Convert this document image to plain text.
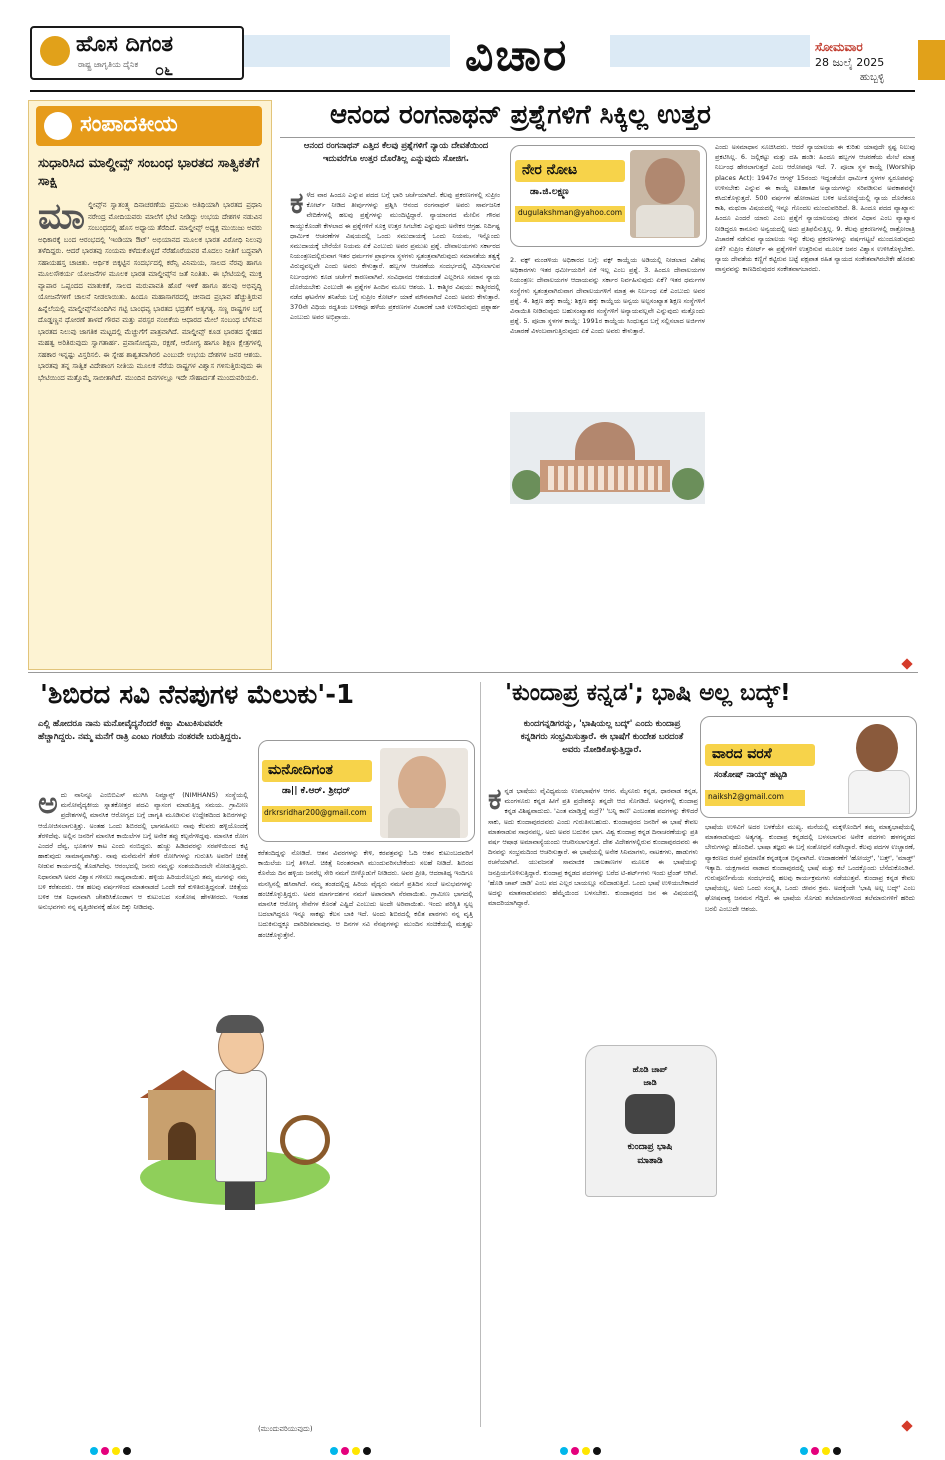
ಹೊಸ ದಿಗಂತ
ರಾಷ್ಟ್ರ ಜಾಗೃತಿಯ ದೈನಿಕ ೦೬	ವಿಚಾರ	ಸೋಮವಾರ
28 ಜುಲೈ 2025
ಹುಬ್ಬಳ್ಳಿ
ಸಂಪಾದಕೀಯ
ಸುಧಾರಿಸಿದ ಮಾಲ್ಡೀವ್ಸ್ ಸಂಬಂಧ ಭಾರತದ ಸಾತ್ವಿಕತೆಗೆ ಸಾಕ್ಷಿ
ಮಾಲ್ಡೀವ್ಸ್‌ನ ಸ್ವಾತಂತ್ರ್ಯ ದಿನಾಚರಣೆಯ ಪ್ರಮುಖ ಅತಿಥಿಯಾಗಿ ಭಾರತದ ಪ್ರಧಾನಿ ನರೇಂದ್ರ ಮೋದಿಯವರು ಮಾಲೆಗೆ ಭೇಟಿ ನೀಡಿದ್ದು ಉಭಯ ದೇಶಗಳ ನಡುವಿನ ಸಂಬಂಧದಲ್ಲಿ ಹೊಸ ಅಧ್ಯಾಯ ತೆರೆದಿದೆ. ಮಾಲ್ಡೀವ್ಸ್ ಅಧ್ಯಕ್ಷ ಮುಯಿಜು ಅವರು ಅಧಿಕಾರಕ್ಕೆ ಬಂದ ಆರಂಭದಲ್ಲಿ 'ಇಂಡಿಯಾ ಔಟ್' ಅಭಿಯಾನದ ಮೂಲಕ ಭಾರತ ವಿರೋಧಿ ನಿಲುವು ತಳೆದಿದ್ದರು. ಆದರೆ ಭಾರತವು ಸಂಯಮ ಕಳೆದುಕೊಳ್ಳದೆ ನೆರೆಹೊರೆಯವರ ಮೊದಲು ನೀತಿಗೆ ಬದ್ಧವಾಗಿ ಸಹಾಯಹಸ್ತ ಚಾಚಿತು. ಆರ್ಥಿಕ ಬಿಕ್ಕಟ್ಟಿನ ಸಂದರ್ಭದಲ್ಲಿ ಕರೆನ್ಸಿ ವಿನಿಮಯ, ಸಾಲದ ನೆರವು ಹಾಗೂ ಮೂಲಸೌಕರ್ಯ ಯೋಜನೆಗಳ ಮೂಲಕ ಭಾರತ ಮಾಲ್ಡೀವ್ಸ್‌ನ ಜತೆ ನಿಂತಿತು. ಈ ಭೇಟಿಯಲ್ಲಿ ಮುಕ್ತ ವ್ಯಾಪಾರ ಒಪ್ಪಂದದ ಮಾತುಕತೆ, ಸಾಲದ ಮರುಪಾವತಿ ಹೊರೆ ಇಳಿಕೆ ಹಾಗೂ ಹಲವು ಅಭಿವೃದ್ಧಿ ಯೋಜನೆಗಳಿಗೆ ಚಾಲನೆ ನೀಡಲಾಯಿತು. ಹಿಂದೂ ಮಹಾಸಾಗರದಲ್ಲಿ ಚೀನಾದ ಪ್ರಭಾವ ಹೆಚ್ಚುತ್ತಿರುವ ಹಿನ್ನೆಲೆಯಲ್ಲಿ ಮಾಲ್ಡೀವ್ಸ್‌ನೊಂದಿಗಿನ ಗಟ್ಟಿ ಬಾಂಧವ್ಯ ಭಾರತದ ಭದ್ರತೆಗೆ ಅತ್ಯಗತ್ಯ. ಸಣ್ಣ ರಾಷ್ಟ್ರಗಳ ಬಗ್ಗೆ ದೊಡ್ಡಣ್ಣನ ಧೋರಣೆ ತಾಳದೆ ಗೌರವ ಮತ್ತು ಪರಸ್ಪರ ನಂಬಿಕೆಯ ಆಧಾರದ ಮೇಲೆ ಸಂಬಂಧ ಬೆಳೆಸುವ ಭಾರತದ ನಿಲುವು ಜಾಗತಿಕ ಮಟ್ಟದಲ್ಲಿ ಮೆಚ್ಚುಗೆಗೆ ಪಾತ್ರವಾಗಿದೆ. ಮಾಲ್ಡೀವ್ಸ್ ಕೂಡ ಭಾರತದ ಸ್ನೇಹದ ಮಹತ್ವ ಅರಿತಿರುವುದು ಸ್ವಾಗತಾರ್ಹ. ಪ್ರವಾಸೋದ್ಯಮ, ರಕ್ಷಣೆ, ಆರೋಗ್ಯ ಹಾಗೂ ಶಿಕ್ಷಣ ಕ್ಷೇತ್ರಗಳಲ್ಲಿ ಸಹಕಾರ ಇನ್ನಷ್ಟು ವಿಸ್ತರಿಸಲಿ. ಈ ಸ್ನೇಹ ಶಾಶ್ವತವಾಗಿರಲಿ ಎಂಬುದೇ ಉಭಯ ದೇಶಗಳ ಜನರ ಆಶಯ. ಭಾರತವು ತನ್ನ ಸಾತ್ವಿಕ ವಿದೇಶಾಂಗ ನೀತಿಯ ಮೂಲಕ ನೆರೆಯ ರಾಷ್ಟ್ರಗಳ ವಿಶ್ವಾಸ ಗಳಿಸುತ್ತಿರುವುದು ಈ ಭೇಟಿಯಿಂದ ಮತ್ತೊಮ್ಮೆ ಸಾಬೀತಾಗಿದೆ. ಮುಂದಿನ ದಿನಗಳಲ್ಲೂ ಇದೇ ಸೌಹಾರ್ದತೆ ಮುಂದುವರಿಯಲಿ.
ಆನಂದ ರಂಗನಾಥನ್ ಪ್ರಶ್ನೆಗಳಿಗೆ ಸಿಕ್ಕಿಲ್ಲ ಉತ್ತರ
ಆನಂದ ರಂಗನಾಥನ್ ಎತ್ತಿದ ಕೆಲವು ಪ್ರಶ್ನೆಗಳಿಗೆ ನ್ಯಾಯ ದೇವತೆಯಿಂದ ಇದುವರೆಗೂ ಉತ್ತರ ದೊರೆತಿಲ್ಲ ಎನ್ನುವುದು ಸೋಜಿಗ.
ಕಳೆದ ವಾರ ಹಿಂದೂ ಎನ್ನುವ ಪದದ ಬಗ್ಗೆ ಭಾರಿ ಚರ್ಚೆಯಾಗಿದೆ. ಕೆಲವು ಪ್ರಕರಣಗಳಲ್ಲಿ ಸುಪ್ರೀಂ ಕೋರ್ಟ್ ನೀಡಿದ ತೀರ್ಪುಗಳನ್ನು ಪ್ರಶ್ನಿಸಿ ಆನಂದ ರಂಗನಾಥನ್ ಅವರು ಸಾರ್ವಜನಿಕ ವೇದಿಕೆಗಳಲ್ಲಿ ಹಲವು ಪ್ರಶ್ನೆಗಳನ್ನು ಮುಂದಿಟ್ಟಿದ್ದಾರೆ. ನ್ಯಾಯಾಂಗದ ಮೇಲಿನ ಗೌರವ ಕಾಯ್ದುಕೊಂಡೇ ಕೇಳಲಾದ ಈ ಪ್ರಶ್ನೆಗಳಿಗೆ ಸೂಕ್ತ ಉತ್ತರ ಸಿಗಬೇಕು ಎನ್ನುವುದು ಅನೇಕರ ಆಗ್ರಹ. ನಿರ್ದಿಷ್ಟ ಧಾರ್ಮಿಕ ಆಚರಣೆಗಳ ವಿಷಯದಲ್ಲಿ ಒಂದು ಸಮುದಾಯಕ್ಕೆ ಒಂದು ನಿಯಮ, ಇನ್ನೊಂದು ಸಮುದಾಯಕ್ಕೆ ಬೇರೆಯೇ ನಿಯಮ ಏಕೆ ಎಂಬುದು ಅವರ ಪ್ರಮುಖ ಪ್ರಶ್ನೆ. ದೇವಾಲಯಗಳು ಸರ್ಕಾರದ ನಿಯಂತ್ರಣದಲ್ಲಿರುವಾಗ ಇತರ ಧರ್ಮಗಳ ಪ್ರಾರ್ಥನಾ ಸ್ಥಳಗಳು ಸ್ವತಂತ್ರವಾಗಿರುವುದು ಸಮಾನತೆಯ ತತ್ವಕ್ಕೆ ವಿರುದ್ಧವಲ್ಲವೇ ಎಂದು ಅವರು ಕೇಳುತ್ತಾರೆ. ಹಬ್ಬಗಳ ಆಚರಣೆಯ ಸಂದರ್ಭದಲ್ಲಿ ವಿಧಿಸಲಾಗುವ ನಿರ್ಬಂಧಗಳು ಕೂಡ ಚರ್ಚೆಗೆ ಕಾರಣವಾಗಿವೆ. ಸಂವಿಧಾನದ ಆಶಯದಂತೆ ಎಲ್ಲರಿಗೂ ಸಮಾನ ನ್ಯಾಯ ದೊರೆಯಬೇಕು ಎಂಬುದೇ ಈ ಪ್ರಶ್ನೆಗಳ ಹಿಂದಿನ ಮೂಲ ಆಶಯ. 1. ಕಾಶ್ಮೀರ ವಿಷಯ: ಕಾಶ್ಮೀರದಲ್ಲಿ ನಡೆದ ಘಟನೆಗಳ ತನಿಖೆಯ ಬಗ್ಗೆ ಸುಪ್ರೀಂ ಕೋರ್ಟ್ ಯಾಕೆ ಮೌನವಾಗಿದೆ ಎಂದು ಅವರು ಕೇಳುತ್ತಾರೆ. 370ನೇ ವಿಧಿಯ ರದ್ದತಿಯ ಬಳಿಕವೂ ಹಳೆಯ ಪ್ರಕರಣಗಳ ವಿಚಾರಣೆ ಬಾಕಿ ಉಳಿದಿರುವುದು ಪ್ರಶ್ನಾರ್ಹ ಎಂಬುದು ಅವರ ಅಭಿಪ್ರಾಯ.
ನೇರ ನೋಟ
ಡಾ.ಜಿ.ಲಕ್ಷ್ಮಣ
dugulakshman@yahoo.com
2. ವಕ್ಫ್ ಮಂಡಳಿಯ ಅಧಿಕಾರದ ಬಗ್ಗೆ: ವಕ್ಫ್ ಕಾಯ್ದೆಯ ಅಡಿಯಲ್ಲಿ ನೀಡಲಾದ ವಿಶೇಷ ಅಧಿಕಾರಗಳು ಇತರ ಧರ್ಮೀಯರಿಗೆ ಏಕೆ ಇಲ್ಲ ಎಂಬ ಪ್ರಶ್ನೆ. 3. ಹಿಂದೂ ದೇವಾಲಯಗಳ ನಿಯಂತ್ರಣ: ದೇವಾಲಯಗಳ ಆದಾಯವನ್ನು ಸರ್ಕಾರ ನಿರ್ವಹಿಸುವುದು ಏಕೆ? ಇತರ ಧರ್ಮಗಳ ಸಂಸ್ಥೆಗಳು ಸ್ವತಂತ್ರವಾಗಿರುವಾಗ ದೇವಾಲಯಗಳಿಗೆ ಮಾತ್ರ ಈ ನಿರ್ಬಂಧ ಏಕೆ ಎಂಬುದು ಅವರ ಪ್ರಶ್ನೆ. 4. ಶಿಕ್ಷಣ ಹಕ್ಕು ಕಾಯ್ದೆ: ಶಿಕ್ಷಣ ಹಕ್ಕು ಕಾಯ್ದೆಯ ಅನ್ವಯ ಅಲ್ಪಸಂಖ್ಯಾತ ಶಿಕ್ಷಣ ಸಂಸ್ಥೆಗಳಿಗೆ ವಿನಾಯಿತಿ ನೀಡಿರುವುದು ಬಹುಸಂಖ್ಯಾತರ ಸಂಸ್ಥೆಗಳಿಗೆ ಅನ್ಯಾಯವಲ್ಲವೇ ಎನ್ನುವುದು ಮತ್ತೊಂದು ಪ್ರಶ್ನೆ. 5. ಪೂಜಾ ಸ್ಥಳಗಳ ಕಾಯ್ದೆ: 1991ರ ಕಾಯ್ದೆಯ ಸಿಂಧುತ್ವದ ಬಗ್ಗೆ ಸಲ್ಲಿಸಲಾದ ಅರ್ಜಿಗಳ ವಿಚಾರಣೆ ವಿಳಂಬವಾಗುತ್ತಿರುವುದು ಏಕೆ ಎಂದು ಅವರು ಕೇಳುತ್ತಾರೆ.
ಎಂದು ಅಸಮಾಧಾನ ಸೂಚಿಸಿದರು. ಆದರೆ ನ್ಯಾಯಾಲಯ ಈ ಕುರಿತು ಯಾವುದೇ ಸ್ಪಷ್ಟ ನಿಲುವು ಪ್ರಕಟಿಸಿಲ್ಲ. 6. ಜಲ್ಲಿಕಟ್ಟು ಮತ್ತು ದಹಿ ಹಂಡಿ: ಹಿಂದೂ ಹಬ್ಬಗಳ ಆಚರಣೆಯ ಮೇಲೆ ಮಾತ್ರ ನಿರ್ಬಂಧ ಹೇರಲಾಗುತ್ತದೆ ಎಂಬ ಆರೋಪವೂ ಇದೆ. 7. ಪೂಜಾ ಸ್ಥಳ ಕಾಯ್ದೆ (Worship places Act): 1947ರ ಆಗಸ್ಟ್ 15ರಂದು ಇದ್ದಂತೆಯೇ ಧಾರ್ಮಿಕ ಸ್ಥಳಗಳ ಸ್ವರೂಪವನ್ನು ಉಳಿಸಬೇಕು ಎನ್ನುವ ಈ ಕಾಯ್ದೆ ಐತಿಹಾಸಿಕ ಅನ್ಯಾಯಗಳನ್ನು ಸರಿಪಡಿಸುವ ಅವಕಾಶವನ್ನೇ ಕಸಿದುಕೊಳ್ಳುತ್ತದೆ. 500 ವರ್ಷಗಳ ಹೋರಾಟದ ಬಳಿಕ ಅಯೋಧ್ಯೆಯಲ್ಲಿ ನ್ಯಾಯ ದೊರೆತರೂ ಕಾಶಿ, ಮಥುರಾ ವಿಷಯದಲ್ಲಿ ಇನ್ನೂ ಗೊಂದಲ ಮುಂದುವರಿದಿದೆ. 8. ಹಿಂದೂ ಪದದ ವ್ಯಾಖ್ಯಾನ: ಹಿಂದೂ ಎಂದರೆ ಯಾರು ಎಂಬ ಪ್ರಶ್ನೆಗೆ ನ್ಯಾಯಾಲಯವು ಜೀವನ ವಿಧಾನ ಎಂಬ ವ್ಯಾಖ್ಯಾನ ನೀಡಿದ್ದರೂ ಕಾನೂನು ಅನ್ವಯದಲ್ಲಿ ಅದು ಪ್ರತಿಫಲಿಸುತ್ತಿಲ್ಲ. 9. ಕೆಲವು ಪ್ರಕರಣಗಳಲ್ಲಿ ರಾತ್ರೋರಾತ್ರಿ ವಿಚಾರಣೆ ನಡೆಸುವ ನ್ಯಾಯಾಲಯ ಇನ್ನು ಕೆಲವು ಪ್ರಕರಣಗಳನ್ನು ವರ್ಷಗಟ್ಟಲೆ ಮುಂದೂಡುವುದು ಏಕೆ? ಸುಪ್ರೀಂ ಕೋರ್ಟ್ ಈ ಪ್ರಶ್ನೆಗಳಿಗೆ ಉತ್ತರಿಸುವ ಮೂಲಕ ಜನರ ವಿಶ್ವಾಸ ಉಳಿಸಿಕೊಳ್ಳಬೇಕು. ನ್ಯಾಯ ದೇವತೆಯ ಕಣ್ಣಿಗೆ ಕಟ್ಟಿರುವ ಬಟ್ಟೆ ಪಕ್ಷಪಾತ ರಹಿತ ನ್ಯಾಯದ ಸಂಕೇತವಾಗಿರಬೇಕೇ ಹೊರತು ವಾಸ್ತವವನ್ನು ಕಾಣದಿರುವುದರ ಸಂಕೇತವಾಗಬಾರದು.
'ಶಿಬಿರದ ಸವಿ ನೆನಪುಗಳ ಮೆಲುಕು'-1
ಎಲ್ಲಿ ಹೋದರೂ ನಾನು ಮನೋವೈದ್ಯನೆಂದರೆ ಕಣ್ಣು ಮಿಟುಕಿಸುವವರೇ ಹೆಚ್ಚಾಗಿದ್ದರು. ನಮ್ಮ ಮನೆಗೆ ರಾತ್ರಿ ಎಂಟು ಗಂಟೆಯ ನಂತರವೇ ಬರುತ್ತಿದ್ದರು.
ಮನೋದಿಗಂತ
ಡಾ|| ಕೆ.ಆರ್. ಶ್ರೀಧರ್
drkrsridhar200@gmail.com
ಅದು ನಾನಿನ್ನೂ ಎಂಬಿಬಿಎಸ್ ಮುಗಿಸಿ ನಿಮ್ಹಾನ್ಸ್ (NIMHANS) ಸಂಸ್ಥೆಯಲ್ಲಿ ಮನೋವೈದ್ಯಕೀಯ ಸ್ನಾತಕೋತ್ತರ ಪದವಿ ವ್ಯಾಸಂಗ ಮಾಡುತ್ತಿದ್ದ ಸಮಯ. ಗ್ರಾಮೀಣ ಪ್ರದೇಶಗಳಲ್ಲಿ ಮಾನಸಿಕ ಆರೋಗ್ಯದ ಬಗ್ಗೆ ಜಾಗೃತಿ ಮೂಡಿಸುವ ಉದ್ದೇಶದಿಂದ ಶಿಬಿರಗಳನ್ನು ಆಯೋಜಿಸಲಾಗುತ್ತಿತ್ತು. ಅಂತಹ ಒಂದು ಶಿಬಿರದಲ್ಲಿ ಭಾಗವಹಿಸಲು ನಾವು ಕೆಲವರು ಹಳ್ಳಿಯೊಂದಕ್ಕೆ ತೆರಳಿದೆವು. ಅಲ್ಲಿನ ಜನರಿಗೆ ಮಾನಸಿಕ ಕಾಯಿಲೆಗಳ ಬಗ್ಗೆ ಅನೇಕ ತಪ್ಪು ಕಲ್ಪನೆಗಳಿದ್ದವು. ಮಾನಸಿಕ ರೋಗ ಎಂದರೆ ದೆವ್ವ, ಭೂತಗಳ ಕಾಟ ಎಂದು ನಂಬಿದ್ದರು. ಹುಚ್ಚು ಹಿಡಿದವರನ್ನು ಸರಪಳಿಯಿಂದ ಕಟ್ಟಿ ಹಾಕುವುದು ಸಾಮಾನ್ಯವಾಗಿತ್ತು. ನಾವು ಮನೆಮನೆಗೆ ತೆರಳಿ ರೋಗಿಗಳನ್ನು ಗುರುತಿಸಿ ಅವರಿಗೆ ಚಿಕಿತ್ಸೆ ನೀಡುವ ಕಾರ್ಯದಲ್ಲಿ ತೊಡಗಿದೆವು. ಆರಂಭದಲ್ಲಿ ಜನರು ನಮ್ಮನ್ನು ಸಂಶಯದಿಂದಲೇ ನೋಡುತ್ತಿದ್ದರು. ನಿಧಾನವಾಗಿ ಅವರ ವಿಶ್ವಾಸ ಗಳಿಸಲು ಸಾಧ್ಯವಾಯಿತು. ಹಳ್ಳಿಯ ಹಿರಿಯರೊಬ್ಬರು ತಮ್ಮ ಮಗನನ್ನು ನಮ್ಮ ಬಳಿ ಕರೆತಂದರು. ಆತ ಹಲವು ವರ್ಷಗಳಿಂದ ಮಾತನಾಡದೆ ಒಂದೇ ಕಡೆ ಕುಳಿತಿರುತ್ತಿದ್ದನಂತೆ. ಚಿಕಿತ್ಸೆಯ ಬಳಿಕ ಆತ ನಿಧಾನವಾಗಿ ಚೇತರಿಸಿಕೊಂಡಾಗ ಆ ಕುಟುಂಬದ ಸಂತೋಷ ಹೇಳತೀರದು. ಇಂತಹ ಅನುಭವಗಳು ನನ್ನ ವೃತ್ತಿಜೀವನಕ್ಕೆ ಹೊಸ ದಿಕ್ಕು ನೀಡಿದವು.
ಕರೆತಂದಿದ್ದನ್ನು ನೋಡಿದೆ. ಆತನ ವಿವರಗಳನ್ನು ಕೇಳಿ, ಕರಪತ್ರವನ್ನು ಓದಿ ಆತನ ಕುಟುಂಬದವರಿಗೆ ಕಾಯಿಲೆಯ ಬಗ್ಗೆ ತಿಳಿಸಿದೆ. ಚಿಕಿತ್ಸೆ ನಿರಂತರವಾಗಿ ಮುಂದುವರಿಸಬೇಕೆಂದು ಸಲಹೆ ನೀಡಿದೆ. ಶಿಬಿರದ ಕೊನೆಯ ದಿನ ಹಳ್ಳಿಯ ಜನರೆಲ್ಲ ಸೇರಿ ನಮಗೆ ಬೀಳ್ಕೊಡುಗೆ ನೀಡಿದರು. ಅವರ ಪ್ರೀತಿ, ಆದರಾತಿಥ್ಯ ಇಂದಿಗೂ ಮನಸ್ಸಿನಲ್ಲಿ ಹಸಿರಾಗಿದೆ. ನಮ್ಮ ತಂಡದಲ್ಲಿದ್ದ ಹಿರಿಯ ವೈದ್ಯರು ನಮಗೆ ಪ್ರತಿದಿನ ಸಂಜೆ ಅನುಭವಗಳನ್ನು ಹಂಚಿಕೊಳ್ಳುತ್ತಿದ್ದರು. ಅವರ ಮಾರ್ಗದರ್ಶನ ನಮಗೆ ಅಪಾರವಾಗಿ ನೆರವಾಯಿತು. ಗ್ರಾಮೀಣ ಭಾಗದಲ್ಲಿ ಮಾನಸಿಕ ಆರೋಗ್ಯ ಸೇವೆಗಳ ಕೊರತೆ ಎಷ್ಟಿದೆ ಎಂಬುದು ಅಂದೇ ಅರಿವಾಯಿತು. ಇಂದು ಪರಿಸ್ಥಿತಿ ಸ್ವಲ್ಪ ಬದಲಾಗಿದ್ದರೂ ಇನ್ನೂ ಸಾಕಷ್ಟು ಕೆಲಸ ಬಾಕಿ ಇದೆ. ಅಂದು ಶಿಬಿರದಲ್ಲಿ ಕಲಿತ ಪಾಠಗಳು ನನ್ನ ವೃತ್ತಿ ಬದುಕಿನುದ್ದಕ್ಕೂ ದಾರಿದೀಪವಾದವು. ಆ ದಿನಗಳ ಸವಿ ನೆನಪುಗಳನ್ನು ಮುಂದಿನ ಸಂಚಿಕೆಯಲ್ಲಿ ಮತ್ತಷ್ಟು ಹಂಚಿಕೊಳ್ಳುತ್ತೇನೆ.
(ಮುಂದುವರಿಯುವುದು)
'ಕುಂದಾಪ್ರ ಕನ್ನಡ'; ಭಾಷಿ ಅಲ್ಲ ಬದ್ಕ್!
ಕುಂದಗನ್ನಡಿಗರನ್ನು, 'ಭಾಷಿಯಲ್ಲ ಬದ್ಕ್' ಎಂದು ಕುಂದಾಪ್ರ ಕನ್ನಡಿಗರು ಸಂಭ್ರಮಿಸುತ್ತಾರೆ. ಈ ಭಾಷೆಗೆ ಕುಂದೇಶ ಬರದಂತೆ ಅವರು ನೋಡಿಕೊಳ್ಳುತ್ತಿದ್ದಾರೆ.	ವಾರದ ವರಸೆ
ಸಂತೋಷ್ ನಾಯ್ಕ್ ಹಟ್ಟಡಿ
naiksh2@gmail.com
ಕನ್ನಡ ಭಾಷೆಯು ವೈವಿಧ್ಯಮಯ ಉಪಭಾಷೆಗಳ ಆಗರ. ಮೈಸೂರು ಕನ್ನಡ, ಧಾರವಾಡ ಕನ್ನಡ, ಮಂಗಳೂರು ಕನ್ನಡ ಹೀಗೆ ಪ್ರತಿ ಪ್ರದೇಶಕ್ಕೂ ತನ್ನದೇ ಆದ ಸೊಗಡಿದೆ. ಅವುಗಳಲ್ಲಿ ಕುಂದಾಪ್ರ ಕನ್ನಡ ವಿಶಿಷ್ಟವಾದುದು. 'ಎಂತ ಮಾಡ್ತಿದ್ದೆ ಮರ್ರೆ?' 'ಬನ್ನಿ ಕಾಣಿ' ಎಂಬಂತಹ ಪದಗಳನ್ನು ಕೇಳಿದರೆ ಸಾಕು, ಅದು ಕುಂದಾಪುರದವರು ಎಂದು ಗುರುತಿಸಬಹುದು. ಕುಂದಾಪುರದ ಜನರಿಗೆ ಈ ಭಾಷೆ ಕೇವಲ ಮಾತನಾಡುವ ಸಾಧನವಲ್ಲ, ಅದು ಅವರ ಬದುಕಿನ ಭಾಗ. ವಿಶ್ವ ಕುಂದಾಪ್ರ ಕನ್ನಡ ದಿನಾಚರಣೆಯನ್ನು ಪ್ರತಿ ವರ್ಷ ಆಷಾಢ ಅಮಾವಾಸ್ಯೆಯಂದು ಆಚರಿಸಲಾಗುತ್ತದೆ. ದೇಶ ವಿದೇಶಗಳಲ್ಲಿರುವ ಕುಂದಾಪುರದವರು ಈ ದಿನವನ್ನು ಸಂಭ್ರಮದಿಂದ ಆಚರಿಸುತ್ತಾರೆ. ಈ ಭಾಷೆಯಲ್ಲಿ ಅನೇಕ ಸಿನಿಮಾಗಳು, ನಾಟಕಗಳು, ಹಾಡುಗಳು ರಚನೆಯಾಗಿವೆ. ಯುವಜನತೆ ಸಾಮಾಜಿಕ ಜಾಲತಾಣಗಳ ಮೂಲಕ ಈ ಭಾಷೆಯನ್ನು ಜನಪ್ರಿಯಗೊಳಿಸುತ್ತಿದ್ದಾರೆ. ಕುಂದಾಪ್ರ ಕನ್ನಡದ ಪದಗಳನ್ನು ಬರೆದ ಟಿ-ಶರ್ಟ್‌ಗಳು ಇಂದು ಟ್ರೆಂಡ್ ಆಗಿವೆ. 'ಹೊಡಿ ಚಾಪ್ ಜಾಡಿ' ಎಂಬ ಪದ ಎಲ್ಲರ ಬಾಯಲ್ಲೂ ನಲಿದಾಡುತ್ತಿದೆ. ಒಂದು ಭಾಷೆ ಉಳಿಯಬೇಕಾದರೆ ಅದನ್ನು ಮಾತನಾಡುವವರು ಹೆಮ್ಮೆಯಿಂದ ಬಳಸಬೇಕು. ಕುಂದಾಪುರದ ಜನ ಈ ವಿಷಯದಲ್ಲಿ ಮಾದರಿಯಾಗಿದ್ದಾರೆ.
ಹೊಡಿ ಚಾಪ್
ಜಾಡಿ
ಕುಂದಾಪ್ರ ಭಾಷಿ
ಮಾತಾಡಿ
ಭಾಷೆಯ ಉಳಿವಿಗೆ ಅದರ ಬಳಕೆಯೇ ಮುಖ್ಯ. ಮನೆಯಲ್ಲಿ ಮಕ್ಕಳೊಂದಿಗೆ ತಮ್ಮ ಮಾತೃಭಾಷೆಯಲ್ಲಿ ಮಾತನಾಡುವುದು ಅತ್ಯಗತ್ಯ. ಕುಂದಾಪ್ರ ಕನ್ನಡದಲ್ಲಿ ಬಳಸಲಾಗುವ ಅನೇಕ ಪದಗಳು ಹಳಗನ್ನಡದ ಬೇರುಗಳನ್ನು ಹೊಂದಿವೆ. ಭಾಷಾ ತಜ್ಞರು ಈ ಬಗ್ಗೆ ಸಂಶೋಧನೆ ನಡೆಸಿದ್ದಾರೆ. ಕೆಲವು ಪದಗಳ ಉಚ್ಚಾರಣೆ, ವ್ಯಾಕರಣದ ರಚನೆ ಪ್ರಮಾಣಿತ ಕನ್ನಡಕ್ಕಿಂತ ಭಿನ್ನವಾಗಿದೆ. ಉದಾಹರಣೆಗೆ 'ಹೋಯ್ತ್', 'ಬತ್ತ್', 'ಮಾಡ್ತ್' ಇತ್ಯಾದಿ. ಯಕ್ಷಗಾನದ ನಾಡಾದ ಕುಂದಾಪುರದಲ್ಲಿ ಭಾಷೆ ಮತ್ತು ಕಲೆ ಒಂದಕ್ಕೊಂದು ಬೆಸೆದುಕೊಂಡಿವೆ. ಗುರುಪೂರ್ಣಿಮೆಯ ಸಂದರ್ಭದಲ್ಲಿ ಹಲವು ಕಾರ್ಯಕ್ರಮಗಳು ನಡೆಯುತ್ತವೆ. ಕುಂದಾಪ್ರ ಕನ್ನಡ ಕೇವಲ ಭಾಷೆಯಲ್ಲ, ಅದು ಒಂದು ಸಂಸ್ಕೃತಿ, ಒಂದು ಜೀವನ ಕ್ರಮ. ಅದಕ್ಕೆಂದೇ 'ಭಾಷಿ ಅಲ್ಲ ಬದ್ಕ್' ಎಂಬ ಘೋಷವಾಕ್ಯ ಜನಮನ ಗೆದ್ದಿದೆ. ಈ ಭಾಷೆಯ ಸೊಗಡು ತಲೆಮಾರುಗಳಿಂದ ತಲೆಮಾರುಗಳಿಗೆ ಹರಿದು ಬರಲಿ ಎಂಬುದೇ ಆಶಯ.
